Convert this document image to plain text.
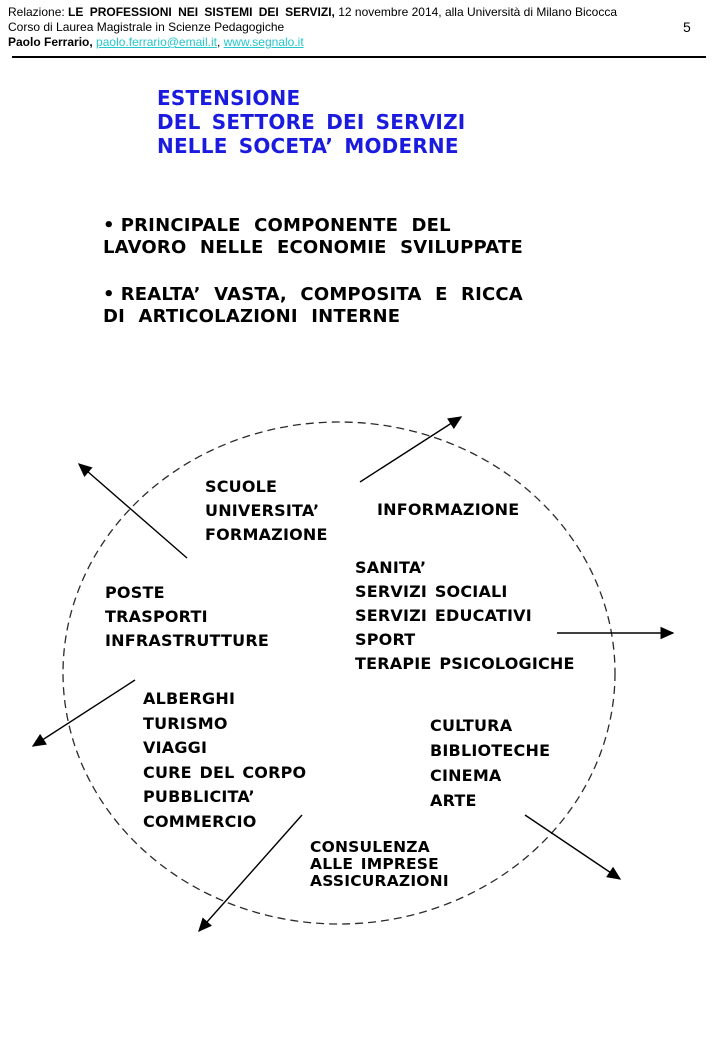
Relazione: LE PROFESSIONI NEI SISTEMI DEI SERVIZI, 12 novembre 2014, alla Università di Milano Bicocca
Corso di Laurea Magistrale in Scienze Pedagogiche
Paolo Ferrario, paolo.ferrario@email.it, www.segnalo.it
5
ESTENSIONE
DEL SETTORE DEI SERVIZI
NELLE SOCETA’ MODERNE
• PRINCIPALE COMPONENTE DEL
LAVORO NELLE ECONOMIE SVILUPPATE
• REALTA’ VASTA, COMPOSITA E RICCA
DI ARTICOLAZIONI INTERNE
SCUOLE
UNIVERSITA’
FORMAZIONE
INFORMAZIONE
POSTE
TRASPORTI
INFRASTRUTTURE
SANITA’
SERVIZI SOCIALI
SERVIZI EDUCATIVI
SPORT
TERAPIE PSICOLOGICHE
ALBERGHI
TURISMO
VIAGGI
CURE DEL CORPO
PUBBLICITA’
COMMERCIO
CULTURA
BIBLIOTECHE
CINEMA
ARTE
CONSULENZA
ALLE IMPRESE
ASSICURAZIONI
